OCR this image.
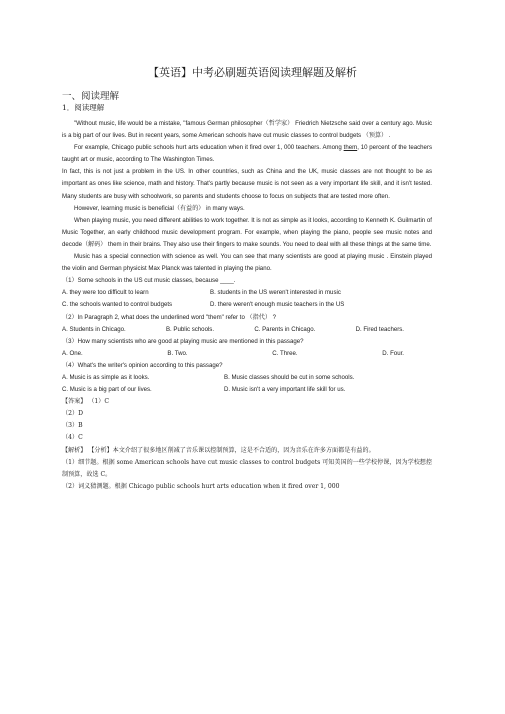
【英语】中考必刷题英语阅读理解题及解析
一、阅读理解
1．阅读理解

"Without music, life would be a mistake, "famous German philosopher（哲学家） Friedrich Nietzsche said over a century ago. Music is a big part of our lives. But in recent years, some American schools have cut music classes to control budgets （预算） .

For example, Chicago public schools hurt arts education when it fired over 1, 000 teachers. Among them, 10 percent of the teachers taught art or music, according to The Washington Times.

In fact, this is not just a problem in the US. In other countries, such as China and the UK, music classes are not thought to be as important as ones like science, math and history. That's partly because music is not seen as a very important life skill, and it isn't tested. Many students are busy with schoolwork, so parents and students choose to focus on subjects that are tested more often.

However, learning music is beneficial（有益的） in many ways.

When playing music, you need different abilities to work together. It is not as simple as it looks, according to Kenneth K. Guilmartin of Music Together, an early childhood music development program. For example, when playing the piano, people see music notes and decode（解码） them in their brains. They also use their fingers to make sounds. You need to deal with all these things at the same time.

Music has a special connection with science as well. You can see that many scientists are good at playing music . Einstein played the violin and German physicist Max Planck was talented in playing the piano.

（1）Some schools in the US cut music classes, because ____.

A. they were too difficult to learn	B. students in the US weren't interested in music
C. the schools wanted to control budgets	D. there weren't enough music teachers in the US

（2）In Paragraph 2, what does the underlined word "them" refer to （指代） ?

A. Students in Chicago.	B. Public schools.	C. Parents in Chicago.	D. Fired teachers.

（3）How many scientists who are good at playing music are mentioned in this passage?

A. One.	B. Two.	C. Three.	D. Four.

（4）What's the writer's opinion according to this passage?

A. Music is as simple as it looks.	B. Music classes should be cut in some schools.
C. Music is a big part of our lives.	D. Music isn't a very important life skill for us.

【答案】 （1）C

（2）D

（3）B

（4）C

【解析】 【分析】本文介绍了很多地区削减了音乐课以控制预算，这是不合适的，因为音乐在许多方面都是有益的。

（1）细节题。根据 some American schools have cut music classes to control budgets 可知美国的一些学校停课，因为学校想控制预算，故选 C。

（2）词义猜测题。根据 Chicago public schools hurt arts education when it fired over 1, 000
